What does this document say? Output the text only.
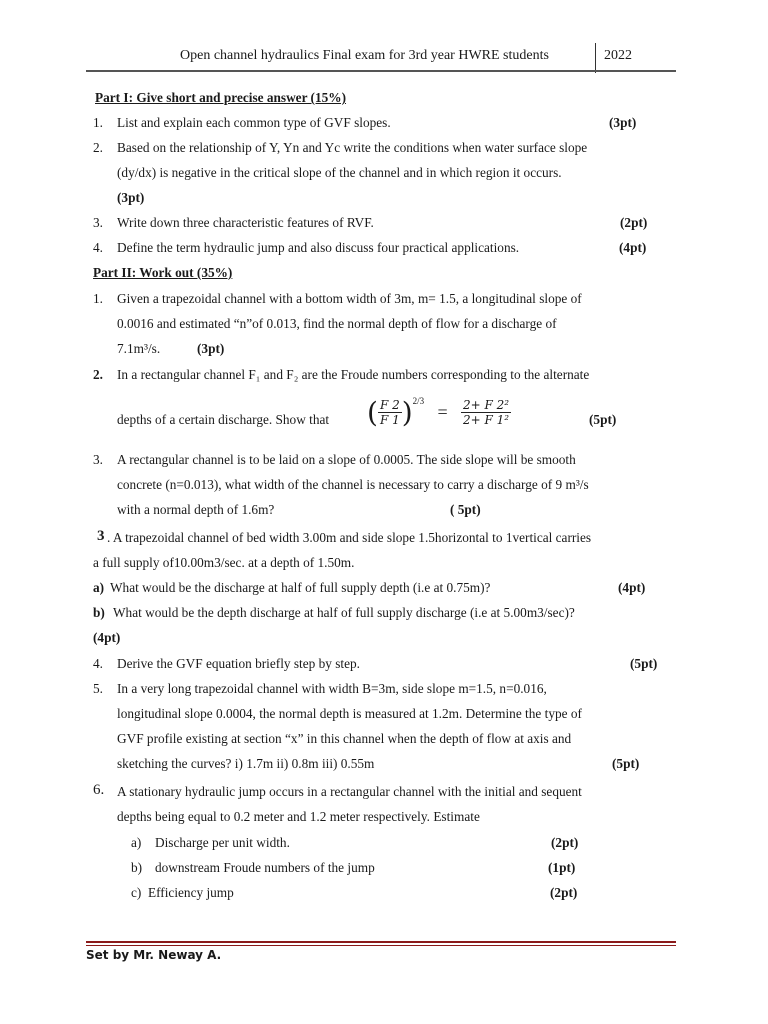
Open channel hydraulics Final exam for 3rd year HWRE students	2022
Part I: Give short and precise answer (15%)
1. List and explain each common type of GVF slopes.	(3pt)
2. Based on the relationship of Y, Yn and Yc write the conditions when water surface slope
(dy/dx) is negative in the critical slope of the channel and in which region it occurs.
(3pt)
3. Write down three characteristic features of RVF.	(2pt)
4. Define the term hydraulic jump and also discuss four practical applications.	(4pt)
Part II: Work out (35%)
1. Given a trapezoidal channel with a bottom width of 3m, m= 1.5, a longitudinal slope of
0.0016 and estimated “n”of 0.013, find the normal depth of flow for a discharge of
7.1m³/s.	(3pt)
2. In a rectangular channel F₁ and F₂ are the Froude numbers corresponding to the alternate
depths of a certain discharge. Show that ( $\frac{F 2}{F 1} )^{2/3} = \frac{\text{2+ F 2²}}{\text{2+ F 1²}}$	(5pt)
3. A rectangular channel is to be laid on a slope of 0.0005. The side slope will be smooth
concrete (n=0.013), what width of the channel is necessary to carry a discharge of 9 m³/s
with a normal depth of 1.6m?	( 5pt)
3 . A trapezoidal channel of bed width 3.00m and side slope 1.5horizontal to 1vertical carries
a full supply of10.00m3/sec. at a depth of 1.50m.
a) What would be the discharge at half of full supply depth (i.e at 0.75m)?	(4pt)
b) What would be the depth discharge at half of full supply discharge (i.e at 5.00m3/sec)?
(4pt)
4. Derive the GVF equation briefly step by step.	(5pt)
5. In a very long trapezoidal channel with width B=3m, side slope m=1.5, n=0.016,
longitudinal slope 0.0004, the normal depth is measured at 1.2m. Determine the type of
GVF profile existing at section “x” in this channel when the depth of flow at axis and
sketching the curves? i) 1.7m ii) 0.8m iii) 0.55m	(5pt)
6. A stationary hydraulic jump occurs in a rectangular channel with the initial and sequent
depths being equal to 0.2 meter and 1.2 meter respectively. Estimate
a) Discharge per unit width.	(2pt)
b) downstream Froude numbers of the jump	(1pt)
c) Efficiency jump	(2pt)
Set by Mr. Neway A.
